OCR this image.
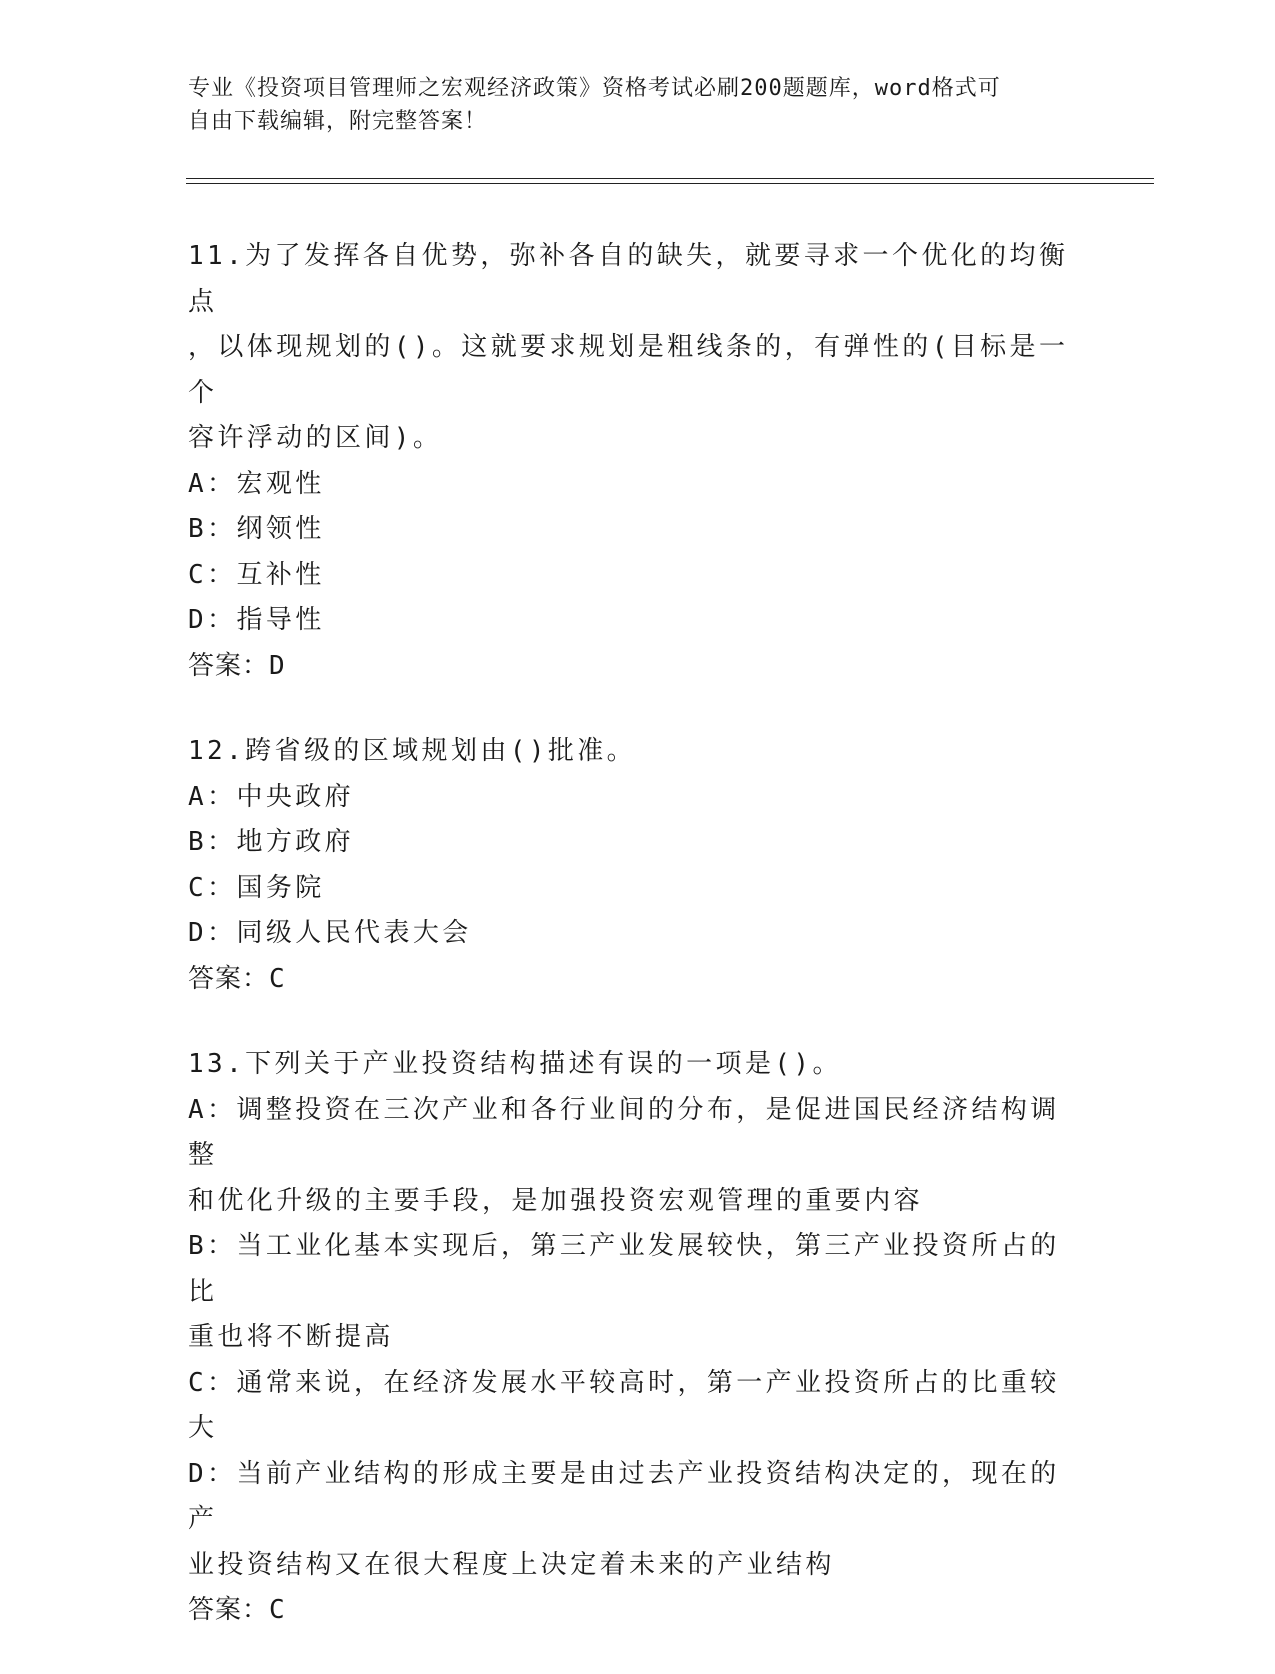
专业《投资项目管理师之宏观经济政策》资格考试必刷200题题库，word格式可
自由下载编辑，附完整答案！
11.为了发挥各自优势，弥补各自的缺失，就要寻求一个优化的均衡点
，以体现规划的()。这就要求规划是粗线条的，有弹性的(目标是一个
容许浮动的区间)。
A：宏观性
B：纲领性
C：互补性
D：指导性
答案：D
12.跨省级的区域规划由()批准。
A：中央政府
B：地方政府
C：国务院
D：同级人民代表大会
答案：C
13.下列关于产业投资结构描述有误的一项是()。
A：调整投资在三次产业和各行业间的分布，是促进国民经济结构调整
和优化升级的主要手段，是加强投资宏观管理的重要内容
B：当工业化基本实现后，第三产业发展较快，第三产业投资所占的比
重也将不断提高
C：通常来说，在经济发展水平较高时，第一产业投资所占的比重较大
D：当前产业结构的形成主要是由过去产业投资结构决定的，现在的产
业投资结构又在很大程度上决定着未来的产业结构
答案：C
